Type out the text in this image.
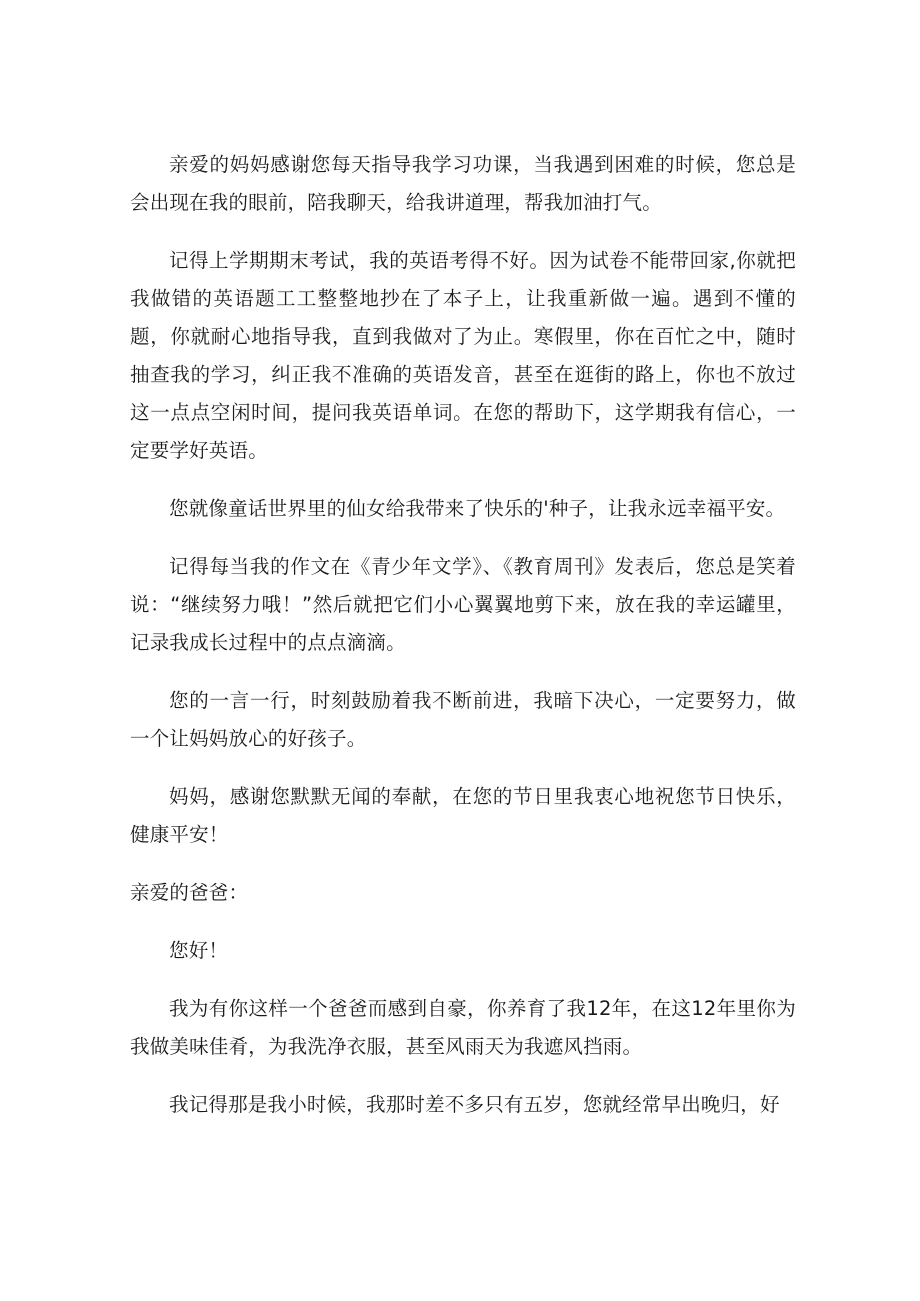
亲爱的妈妈感谢您每天指导我学习功课，当我遇到困难的时候，您总是会出现在我的眼前，陪我聊天，给我讲道理，帮我加油打气。

记得上学期期末考试，我的英语考得不好。因为试卷不能带回家,你就把我做错的英语题工工整整地抄在了本子上，让我重新做一遍。遇到不懂的题，你就耐心地指导我，直到我做对了为止。寒假里，你在百忙之中，随时抽查我的学习，纠正我不准确的英语发音，甚至在逛街的路上，你也不放过这一点点空闲时间，提问我英语单词。在您的帮助下，这学期我有信心，一定要学好英语。

您就像童话世界里的仙女给我带来了快乐的'种子，让我永远幸福平安。

记得每当我的作文在《青少年文学》、《教育周刊》发表后，您总是笑着说：“继续努力哦！”然后就把它们小心翼翼地剪下来，放在我的幸运罐里，记录我成长过程中的点点滴滴。

您的一言一行，时刻鼓励着我不断前进，我暗下决心，一定要努力，做一个让妈妈放心的好孩子。

妈妈，感谢您默默无闻的奉献，在您的节日里我衷心地祝您节日快乐，健康平安！

亲爱的爸爸：

您好！

我为有你这样一个爸爸而感到自豪，你养育了我12年，在这12年里你为我做美味佳肴，为我洗净衣服，甚至风雨天为我遮风挡雨。

我记得那是我小时候，我那时差不多只有五岁，您就经常早出晚归，好
